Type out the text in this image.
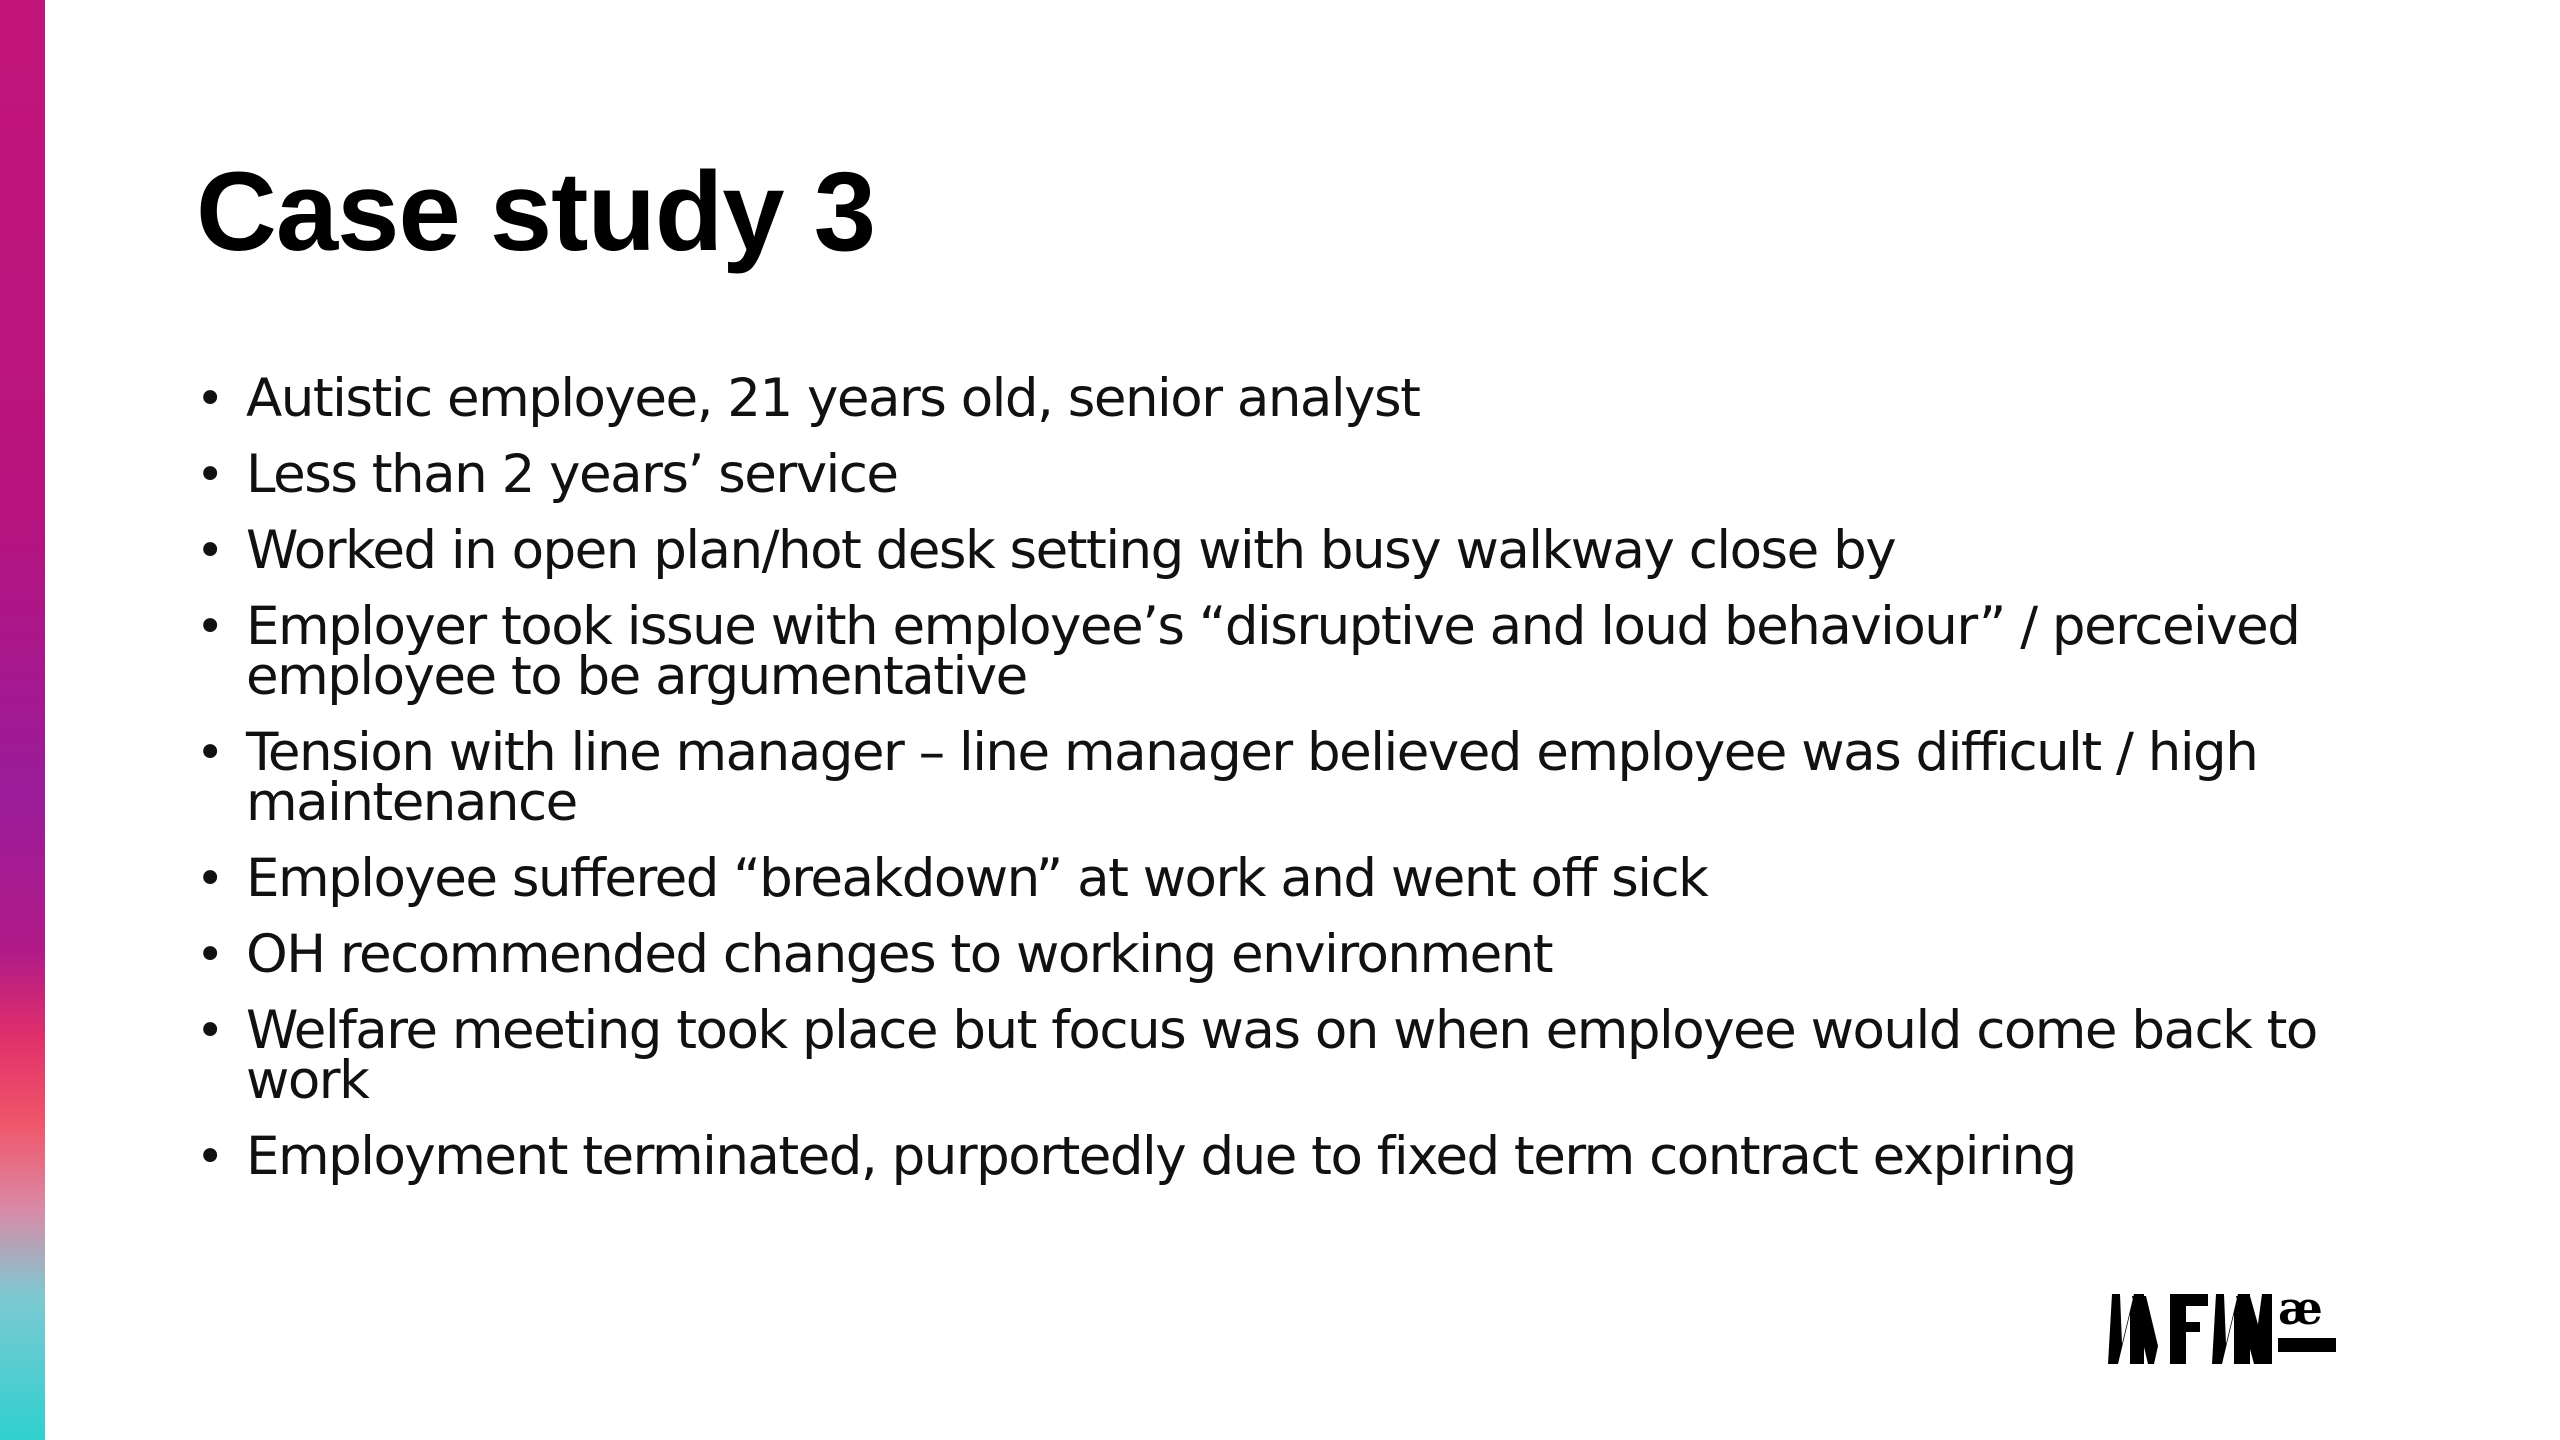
Case study 3
• Autistic employee, 21 years old, senior analyst
• Less than 2 years’ service
• Worked in open plan/hot desk setting with busy walkway close by
• Employer took issue with employee’s “disruptive and loud behaviour” / perceived employee to be argumentative
• Tension with line manager – line manager believed employee was difficult / high maintenance
• Employee suffered “breakdown” at work and went off sick
• OH recommended changes to working environment
• Welfare meeting took place but focus was on when employee would come back to work
• Employment terminated, purportedly due to fixed term contract expiring
æ
